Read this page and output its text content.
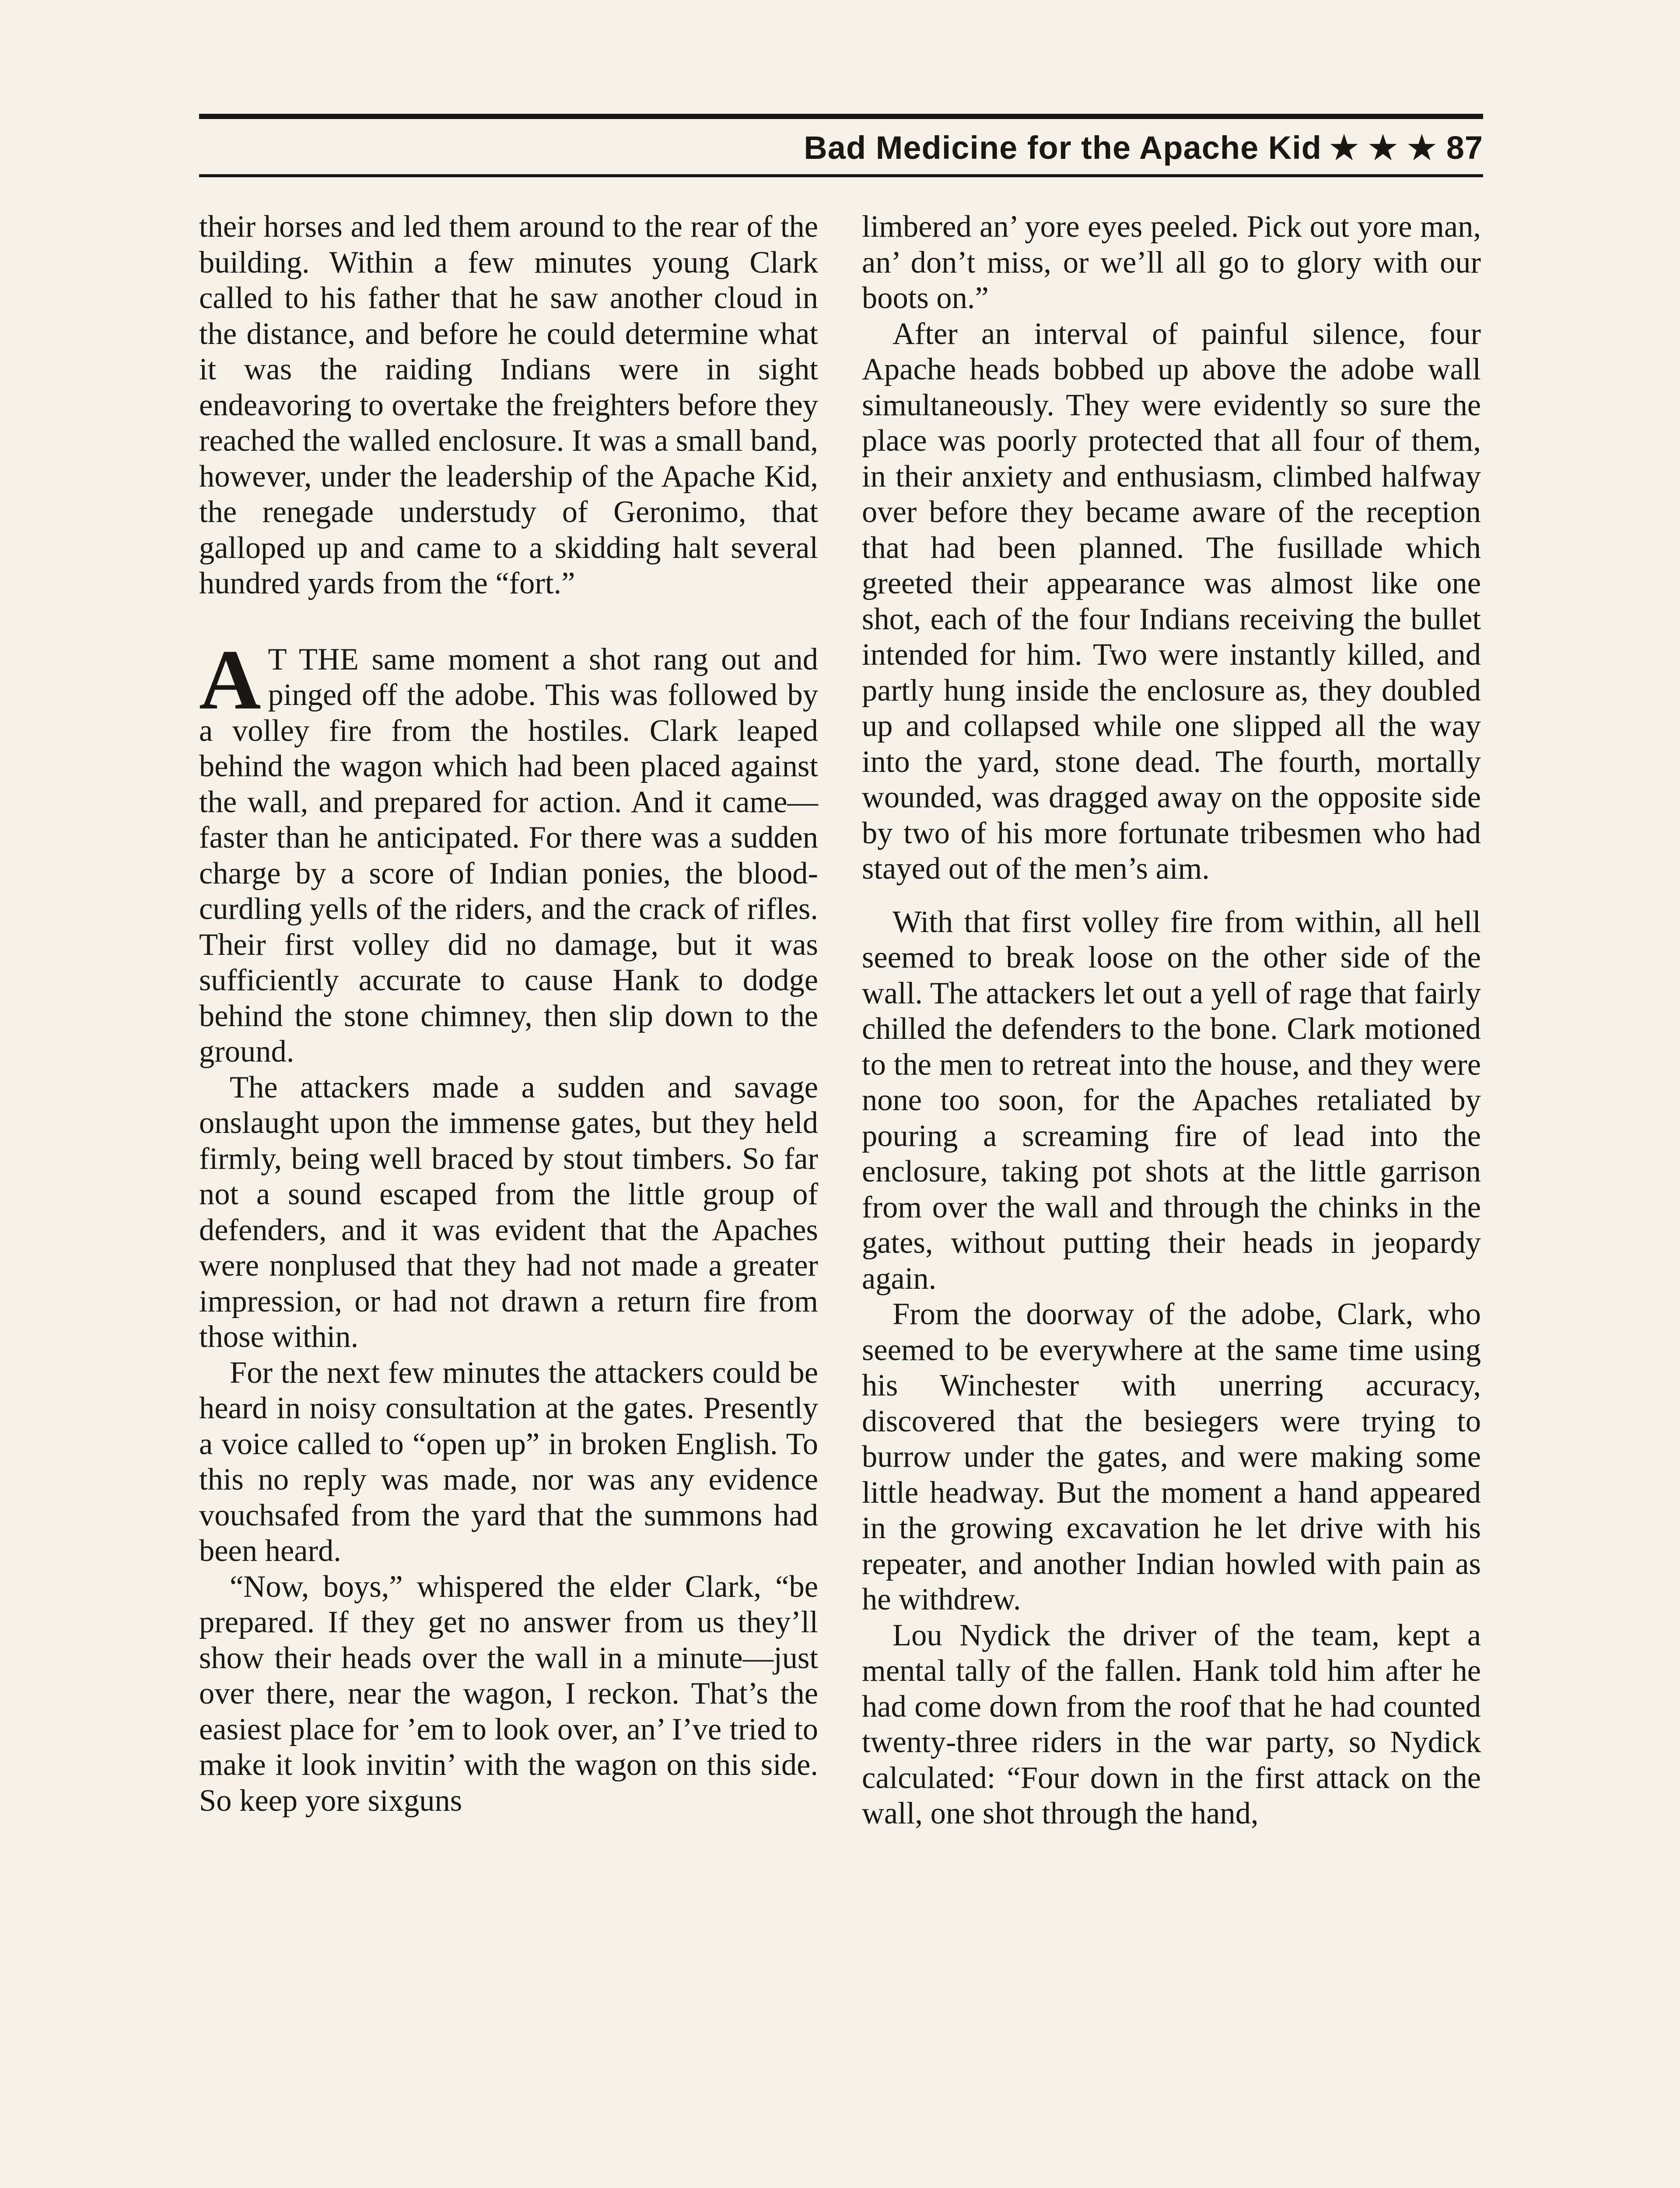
Bad Medicine for the Apache Kid ★ ★ ★ 87

their horses and led them around to the rear of the building. Within a few minutes young Clark called to his father that he saw another cloud in the distance, and before he could determine what it was the raiding Indians were in sight endeavoring to overtake the freighters before they reached the walled enclosure. It was a small band, however, under the leadership of the Apache Kid, the renegade understudy of Geronimo, that galloped up and came to a skidding halt several hundred yards from the “fort.”

A T THE same moment a shot rang out and pinged off the adobe. This was followed by a volley fire from the hostiles. Clark leaped behind the wagon which had been placed against the wall, and prepared for action. And it came—faster than he anticipated. For there was a sudden charge by a score of Indian ponies, the blood-curdling yells of the riders, and the crack of rifles. Their first volley did no damage, but it was sufficiently accurate to cause Hank to dodge behind the stone chimney, then slip down to the ground.

The attackers made a sudden and savage onslaught upon the immense gates, but they held firmly, being well braced by stout timbers. So far not a sound escaped from the little group of defenders, and it was evident that the Apaches were nonplused that they had not made a greater impression, or had not drawn a return fire from those within.

For the next few minutes the attackers could be heard in noisy consultation at the gates. Presently a voice called to “open up” in broken English. To this no reply was made, nor was any evidence vouchsafed from the yard that the summons had been heard.

“Now, boys,” whispered the elder Clark, “be prepared. If they get no answer from us they’ll show their heads over the wall in a minute—just over there, near the wagon, I reckon. That’s the easiest place for ’em to look over, an’ I’ve tried to make it look invitin’ with the wagon on this side. So keep yore sixguns

limbered an’ yore eyes peeled. Pick out yore man, an’ don’t miss, or we’ll all go to glory with our boots on.”

After an interval of painful silence, four Apache heads bobbed up above the adobe wall simultaneously. They were evidently so sure the place was poorly protected that all four of them, in their anxiety and enthusiasm, climbed halfway over before they became aware of the reception that had been planned. The fusillade which greeted their appearance was almost like one shot, each of the four Indians receiving the bullet intended for him. Two were instantly killed, and partly hung inside the enclosure as, they doubled up and collapsed while one slipped all the way into the yard, stone dead. The fourth, mortally wounded, was dragged away on the opposite side by two of his more fortunate tribesmen who had stayed out of the men’s aim.

With that first volley fire from within, all hell seemed to break loose on the other side of the wall. The attackers let out a yell of rage that fairly chilled the defenders to the bone. Clark motioned to the men to retreat into the house, and they were none too soon, for the Apaches retaliated by pouring a screaming fire of lead into the enclosure, taking pot shots at the little garrison from over the wall and through the chinks in the gates, without putting their heads in jeopardy again.

From the doorway of the adobe, Clark, who seemed to be everywhere at the same time using his Winchester with unerring accuracy, discovered that the besiegers were trying to burrow under the gates, and were making some little headway. But the moment a hand appeared in the growing excavation he let drive with his repeater, and another Indian howled with pain as he withdrew.

Lou Nydick the driver of the team, kept a mental tally of the fallen. Hank told him after he had come down from the roof that he had counted twenty-three riders in the war party, so Nydick calculated: “Four down in the first attack on the wall, one shot through the hand,
